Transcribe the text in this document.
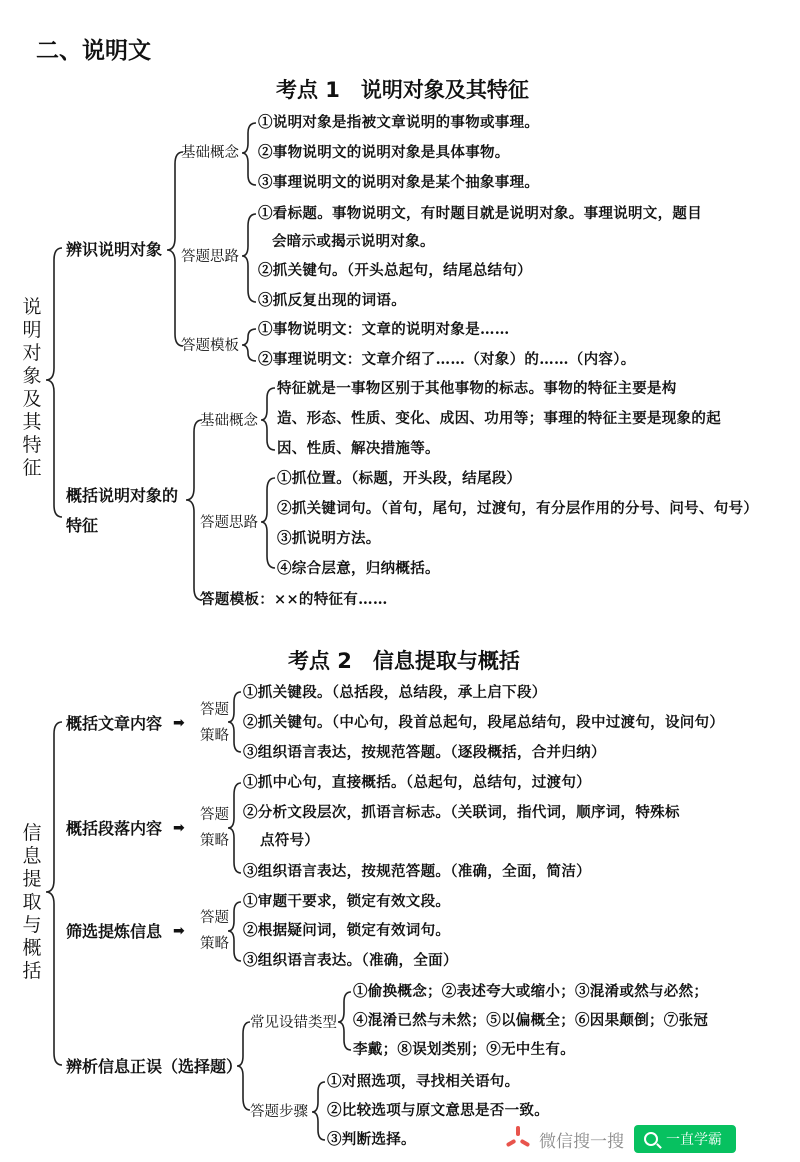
二、说明文
考点 1　说明对象及其特征
说明对象及其特征
辨识说明对象
基础概念
①说明对象是指被文章说明的事物或事理。
②事物说明文的说明对象是具体事物。
③事理说明文的说明对象是某个抽象事理。
答题思路
①看标题。事物说明文，有时题目就是说明对象。事理说明文，题目
会暗示或揭示说明对象。
②抓关键句。（开头总起句，结尾总结句）
③抓反复出现的词语。
答题模板
①事物说明文：文章的说明对象是……
②事理说明文：文章介绍了……（对象）的……（内容）。
概括说明对象的
特征
基础概念
特征就是一事物区别于其他事物的标志。事物的特征主要是构
造、形态、性质、变化、成因、功用等；事理的特征主要是现象的起
因、性质、解决措施等。
答题思路
①抓位置。（标题，开头段，结尾段）
②抓关键词句。（首句，尾句，过渡句，有分层作用的分号、问号、句号）
③抓说明方法。
④综合层意，归纳概括。
答题模板：××的特征有……
考点 2　信息提取与概括
信息提取与概括
概括文章内容 ➡
答题
策略
①抓关键段。（总括段，总结段，承上启下段）
②抓关键句。（中心句，段首总起句，段尾总结句，段中过渡句，设问句）
③组织语言表达，按规范答题。（逐段概括，合并归纳）
概括段落内容 ➡
答题
策略
①抓中心句，直接概括。（总起句，总结句，过渡句）
②分析文段层次，抓语言标志。（关联词，指代词，顺序词，特殊标
点符号）
③组织语言表达，按规范答题。（准确，全面，简洁）
筛选提炼信息 ➡
答题
策略
①审题干要求，锁定有效文段。
②根据疑问词，锁定有效词句。
③组织语言表达。（准确，全面）
辨析信息正误（选择题）
常见设错类型
①偷换概念；②表述夸大或缩小；③混淆或然与必然；
④混淆已然与未然；⑤以偏概全；⑥因果颠倒；⑦张冠
李戴；⑧误划类别；⑨无中生有。
答题步骤
①对照选项，寻找相关语句。
②比较选项与原文意思是否一致。
③判断选择。	微信搜一搜	一直学霸
